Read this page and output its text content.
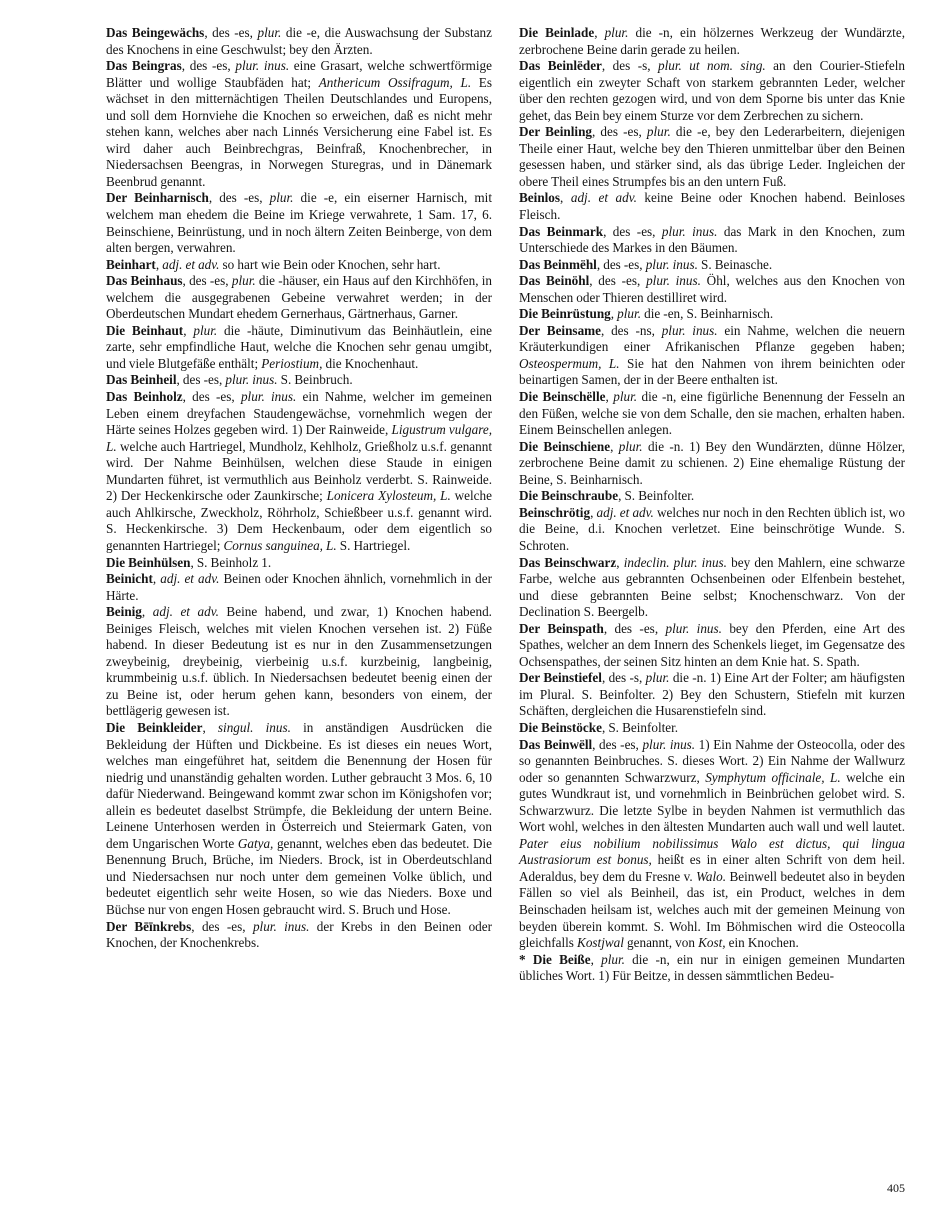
Das Beingewächs, des -es, plur. die -e, die Auswachsung der Substanz des Knochens in eine Geschwulst; bey den Ärzten.

Das Beingras, des -es, plur. inus. eine Grasart, welche schwertförmige Blätter und wollige Staubfäden hat; Anthericum Ossifragum, L. Es wächset in den mitternächtigen Theilen Deutschlandes und Europens, und soll dem Hornviehe die Knochen so erweichen, daß es nicht mehr stehen kann, welches aber nach Linnés Versicherung eine Fabel ist. Es wird daher auch Beinbrechgras, Beinfraß, Knochenbrecher, in Niedersachsen Beengras, in Norwegen Sturegras, und in Dänemark Beenbrud genannt.

Der Beinharnisch, des -es, plur. die -e, ein eiserner Harnisch, mit welchem man ehedem die Beine im Kriege verwahrete, 1 Sam. 17, 6. Beinschiene, Beinrüstung, und in noch ältern Zeiten Beinberge, von dem alten bergen, verwahren.

Beinhart, adj. et adv. so hart wie Bein oder Knochen, sehr hart.

Das Beinhaus, des -es, plur. die -häuser, ein Haus auf den Kirchhöfen, in welchem die ausgegrabenen Gebeine verwahret werden; in der Oberdeutschen Mundart ehedem Gernerhaus, Gärtnerhaus, Garner.

Die Beinhaut, plur. die -häute, Diminutivum das Beinhäutlein, eine zarte, sehr empfindliche Haut, welche die Knochen sehr genau umgibt, und viele Blutgefäße enthält; Periostium, die Knochenhaut.

Das Beinheil, des -es, plur. inus. S. Beinbruch.

Das Beinholz, des -es, plur. inus. ein Nahme, welcher im gemeinen Leben einem dreyfachen Staudengewächse, vornehmlich wegen der Härte seines Holzes gegeben wird. 1) Der Rainweide, Ligustrum vulgare, L. welche auch Hartriegel, Mundholz, Kehlholz, Grießholz u.s.f. genannt wird. Der Nahme Beinhülsen, welchen diese Staude in einigen Mundarten führet, ist vermuthlich aus Beinholz verderbt. S. Rainweide. 2) Der Heckenkirsche oder Zaunkirsche; Lonicera Xylosteum, L. welche auch Ahlkirsche, Zweckholz, Röhrholz, Schießbeer u.s.f. genannt wird. S. Heckenkirsche. 3) Dem Heckenbaum, oder dem eigentlich so genannten Hartriegel; Cornus sanguinea, L. S. Hartriegel.

Die Beinhülsen, S. Beinholz 1.

Beinicht, adj. et adv. Beinen oder Knochen ähnlich, vornehmlich in der Härte.

Beinig, adj. et adv. Beine habend, und zwar, 1) Knochen habend. Beiniges Fleisch, welches mit vielen Knochen versehen ist. 2) Füße habend. In dieser Bedeutung ist es nur in den Zusammensetzungen zweybeinig, dreybeinig, vierbeinig u.s.f. kurzbeinig, langbeinig, krummbeinig u.s.f. üblich. In Niedersachsen bedeutet beenig einen der zu Beine ist, oder herum gehen kann, besonders von einem, der bettlägerig gewesen ist.

Die Beinkleider, singul. inus. in anständigen Ausdrücken die Bekleidung der Hüften und Dickbeine. Es ist dieses ein neues Wort, welches man eingeführet hat, seitdem die Benennung der Hosen für niedrig und unanständig gehalten worden. Luther gebraucht 3 Mos. 6, 10 dafür Niederwand. Beingewand kommt zwar schon im Königshofen vor; allein es bedeutet daselbst Strümpfe, die Bekleidung der untern Beine. Leinene Unterhosen werden in Österreich und Steiermark Gaten, von dem Ungarischen Worte Gatya, genannt, welches eben das bedeutet. Die Benennung Bruch, Brüche, im Nieders. Brock, ist in Oberdeutschland und Niedersachsen nur noch unter dem gemeinen Volke üblich, und bedeutet eigentlich sehr weite Hosen, so wie das Nieders. Boxe und Büchse nur von engen Hosen gebraucht wird. S. Bruch und Hose.

Der Bēīnkrebs, des -es, plur. inus. der Krebs in den Beinen oder Knochen, der Knochenkrebs.

Die Beinlade, plur. die -n, ein hölzernes Werkzeug der Wundärzte, zerbrochene Beine darin gerade zu heilen.

Das Beinlëder, des -s, plur. ut nom. sing. an den Courier-Stiefeln eigentlich ein zweyter Schaft von starkem gebrannten Leder, welcher über den rechten gezogen wird, und von dem Sporne bis unter das Knie gehet, das Bein bey einem Sturze vor dem Zerbrechen zu sichern.

Der Beinling, des -es, plur. die -e, bey den Lederarbeitern, diejenigen Theile einer Haut, welche bey den Thieren unmittelbar über den Beinen gesessen haben, und stärker sind, als das übrige Leder. Ingleichen der obere Theil eines Strumpfes bis an den untern Fuß.

Beinlos, adj. et adv. keine Beine oder Knochen habend. Beinloses Fleisch.

Das Beinmark, des -es, plur. inus. das Mark in den Knochen, zum Unterschiede des Markes in den Bäumen.

Das Beinmëhl, des -es, plur. inus. S. Beinasche.

Das Beinöhl, des -es, plur. inus. Öhl, welches aus den Knochen von Menschen oder Thieren destilliret wird.

Die Beinrüstung, plur. die -en, S. Beinharnisch.

Der Beinsame, des -ns, plur. inus. ein Nahme, welchen die neuern Kräuterkundigen einer Afrikanischen Pflanze gegeben haben; Osteospermum, L. Sie hat den Nahmen von ihrem beinichten oder beinartigen Samen, der in der Beere enthalten ist.

Die Beinschëlle, plur. die -n, eine figürliche Benennung der Fesseln an den Füßen, welche sie von dem Schalle, den sie machen, erhalten haben. Einem Beinschellen anlegen.

Die Beinschiene, plur. die -n. 1) Bey den Wundärzten, dünne Hölzer, zerbrochene Beine damit zu schienen. 2) Eine ehemalige Rüstung der Beine, S. Beinharnisch.

Die Beinschraube, S. Beinfolter.

Beinschrötig, adj. et adv. welches nur noch in den Rechten üblich ist, wo die Beine, d.i. Knochen verletzet. Eine beinschrötige Wunde. S. Schroten.

Das Beinschwarz, indeclin. plur. inus. bey den Mahlern, eine schwarze Farbe, welche aus gebrannten Ochsenbeinen oder Elfenbein bestehet, und diese gebrannten Beine selbst; Knochenschwarz. Von der Declination S. Beergelb.

Der Beinspath, des -es, plur. inus. bey den Pferden, eine Art des Spathes, welcher an dem Innern des Schenkels lieget, im Gegensatze des Ochsenspathes, der seinen Sitz hinten an dem Knie hat. S. Spath.

Der Beinstiefel, des -s, plur. die -n. 1) Eine Art der Folter; am häufigsten im Plural. S. Beinfolter. 2) Bey den Schustern, Stiefeln mit kurzen Schäften, dergleichen die Husarenstiefeln sind.

Die Beinstöcke, S. Beinfolter.

Das Beinwëll, des -es, plur. inus. 1) Ein Nahme der Osteocolla, oder des so genannten Beinbruches. S. dieses Wort. 2) Ein Nahme der Wallwurz oder so genannten Schwarzwurz, Symphytum officinale, L. welche ein gutes Wundkraut ist, und vornehmlich in Beinbrüchen gelobet wird. S. Schwarzwurz. Die letzte Sylbe in beyden Nahmen ist vermuthlich das Wort wohl, welches in den ältesten Mundarten auch wall und well lautet. Pater eius nobilium nobilissimus Walo est dictus, qui lingua Austrasiorum est bonus, heißt es in einer alten Schrift von dem heil. Aderaldus, bey dem du Fresne v. Walo. Beinwell bedeutet also in beyden Fällen so viel als Beinheil, das ist, ein Product, welches in dem Beinschaden heilsam ist, welches auch mit der gemeinen Meinung von beyden überein kommt. S. Wohl. Im Böhmischen wird die Osteocolla gleichfalls Kostjwal genannt, von Kost, ein Knochen.

* Die Beiße, plur. die -n, ein nur in einigen gemeinen Mundarten übliches Wort. 1) Für Beitze, in dessen sämmtlichen Bedeu-

405
